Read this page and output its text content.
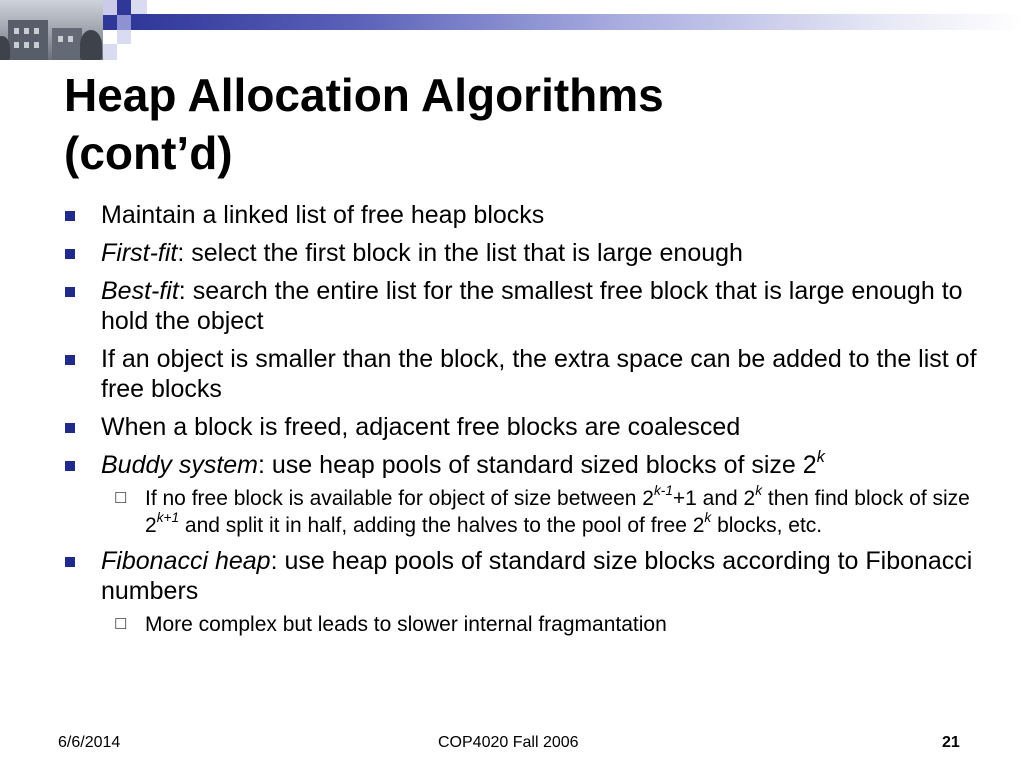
Heap Allocation Algorithms
(cont’d)
Maintain a linked list of free heap blocks
First-fit: select the first block in the list that is large enough
Best-fit: search the entire list for the smallest free block that is large enough to hold the object
If an object is smaller than the block, the extra space can be added to the list of free blocks
When a block is freed, adjacent free blocks are coalesced
Buddy system: use heap pools of standard sized blocks of size 2$^k$
☐ If no free block is available for object of size between $2^{k-1}+1$ and 2$^k$ then find block of size $2^{k+1}$ and split it in half, adding the halves to the pool of free 2$^k$ blocks, etc.
Fibonacci heap: use heap pools of standard size blocks according to Fibonacci numbers
☐ More complex but leads to slower internal fragmantation
6/6/2014	COP4020 Fall 2006	21
